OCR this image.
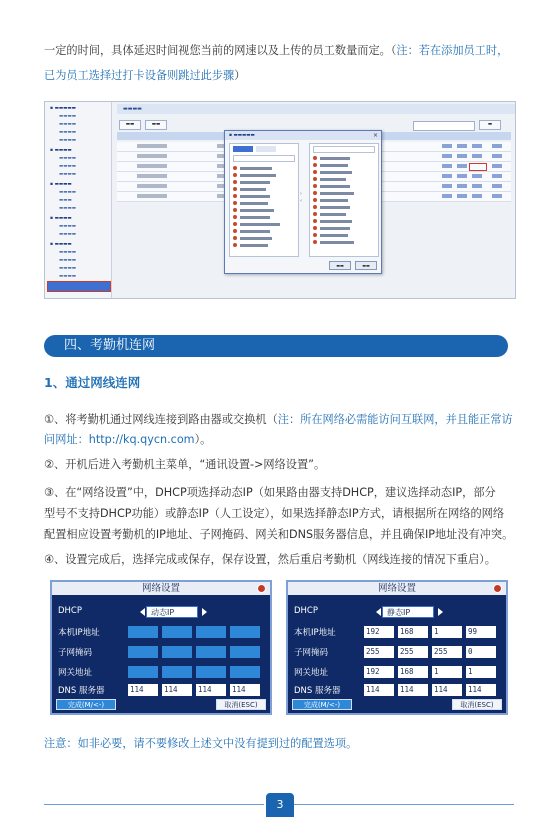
一定的时间，具体延迟时间视您当前的网速以及上传的员工数量而定。（注：若在添加员工时，
已为员工选择过打卡设备则跳过此步骤）
▪ ▬▬▬▬▬
▬▬▬▬
▬▬▬▬
▬▬▬▬
▬▬▬▬
▪ ▬▬▬▬
▬▬▬▬
▬▬▬▬
▬▬▬▬
▪ ▬▬▬▬
▬▬▬▬
▬▬▬
▬▬▬▬
▪ ▬▬▬▬
▬▬▬▬
▬▬▬▬
▪ ▬▬▬▬
▬▬▬▬
▬▬▬▬
▬▬▬▬
▬▬▬▬
▬▬▬▬
▬▬	▬▬	▬
▪ ▬▬▬▬▬	×
›
‹
▬▬	▬▬
四、考勤机连网
1、通过网线连网
①、将考勤机通过网线连接到路由器或交换机（注：所在网络必需能访问互联网，并且能正常访
问网址：http://kq.qycn.com）。
②、开机后进入考勤机主菜单，“通讯设置->网络设置”。
③、在“网络设置”中，DHCP项选择动态IP（如果路由器支持DHCP，建议选择动态IP，部分
型号不支持DHCP功能）或静态IP（人工设定），如果选择静态IP方式，请根据所在网络的网络
配置相应设置考勤机的IP地址、子网掩码、网关和DNS服务器信息，并且确保IP地址没有冲突。
④、设置完成后，选择完成或保存，保存设置，然后重启考勤机（网线连接的情况下重启）。
网络设置
DHCP	动态IP
本机IP地址
子网掩码
网关地址
DNS 服务器	114	114	114	114
完成(M/<-)	取消(ESC)
网络设置
DHCP	静态IP
本机IP地址	192	168	1	99
子网掩码	255	255	255	0
网关地址	192	168	1	1
DNS 服务器	114	114	114	114
完成(M/<-)	取消(ESC)
注意：如非必要，请不要修改上述文中没有提到过的配置选项。
3
